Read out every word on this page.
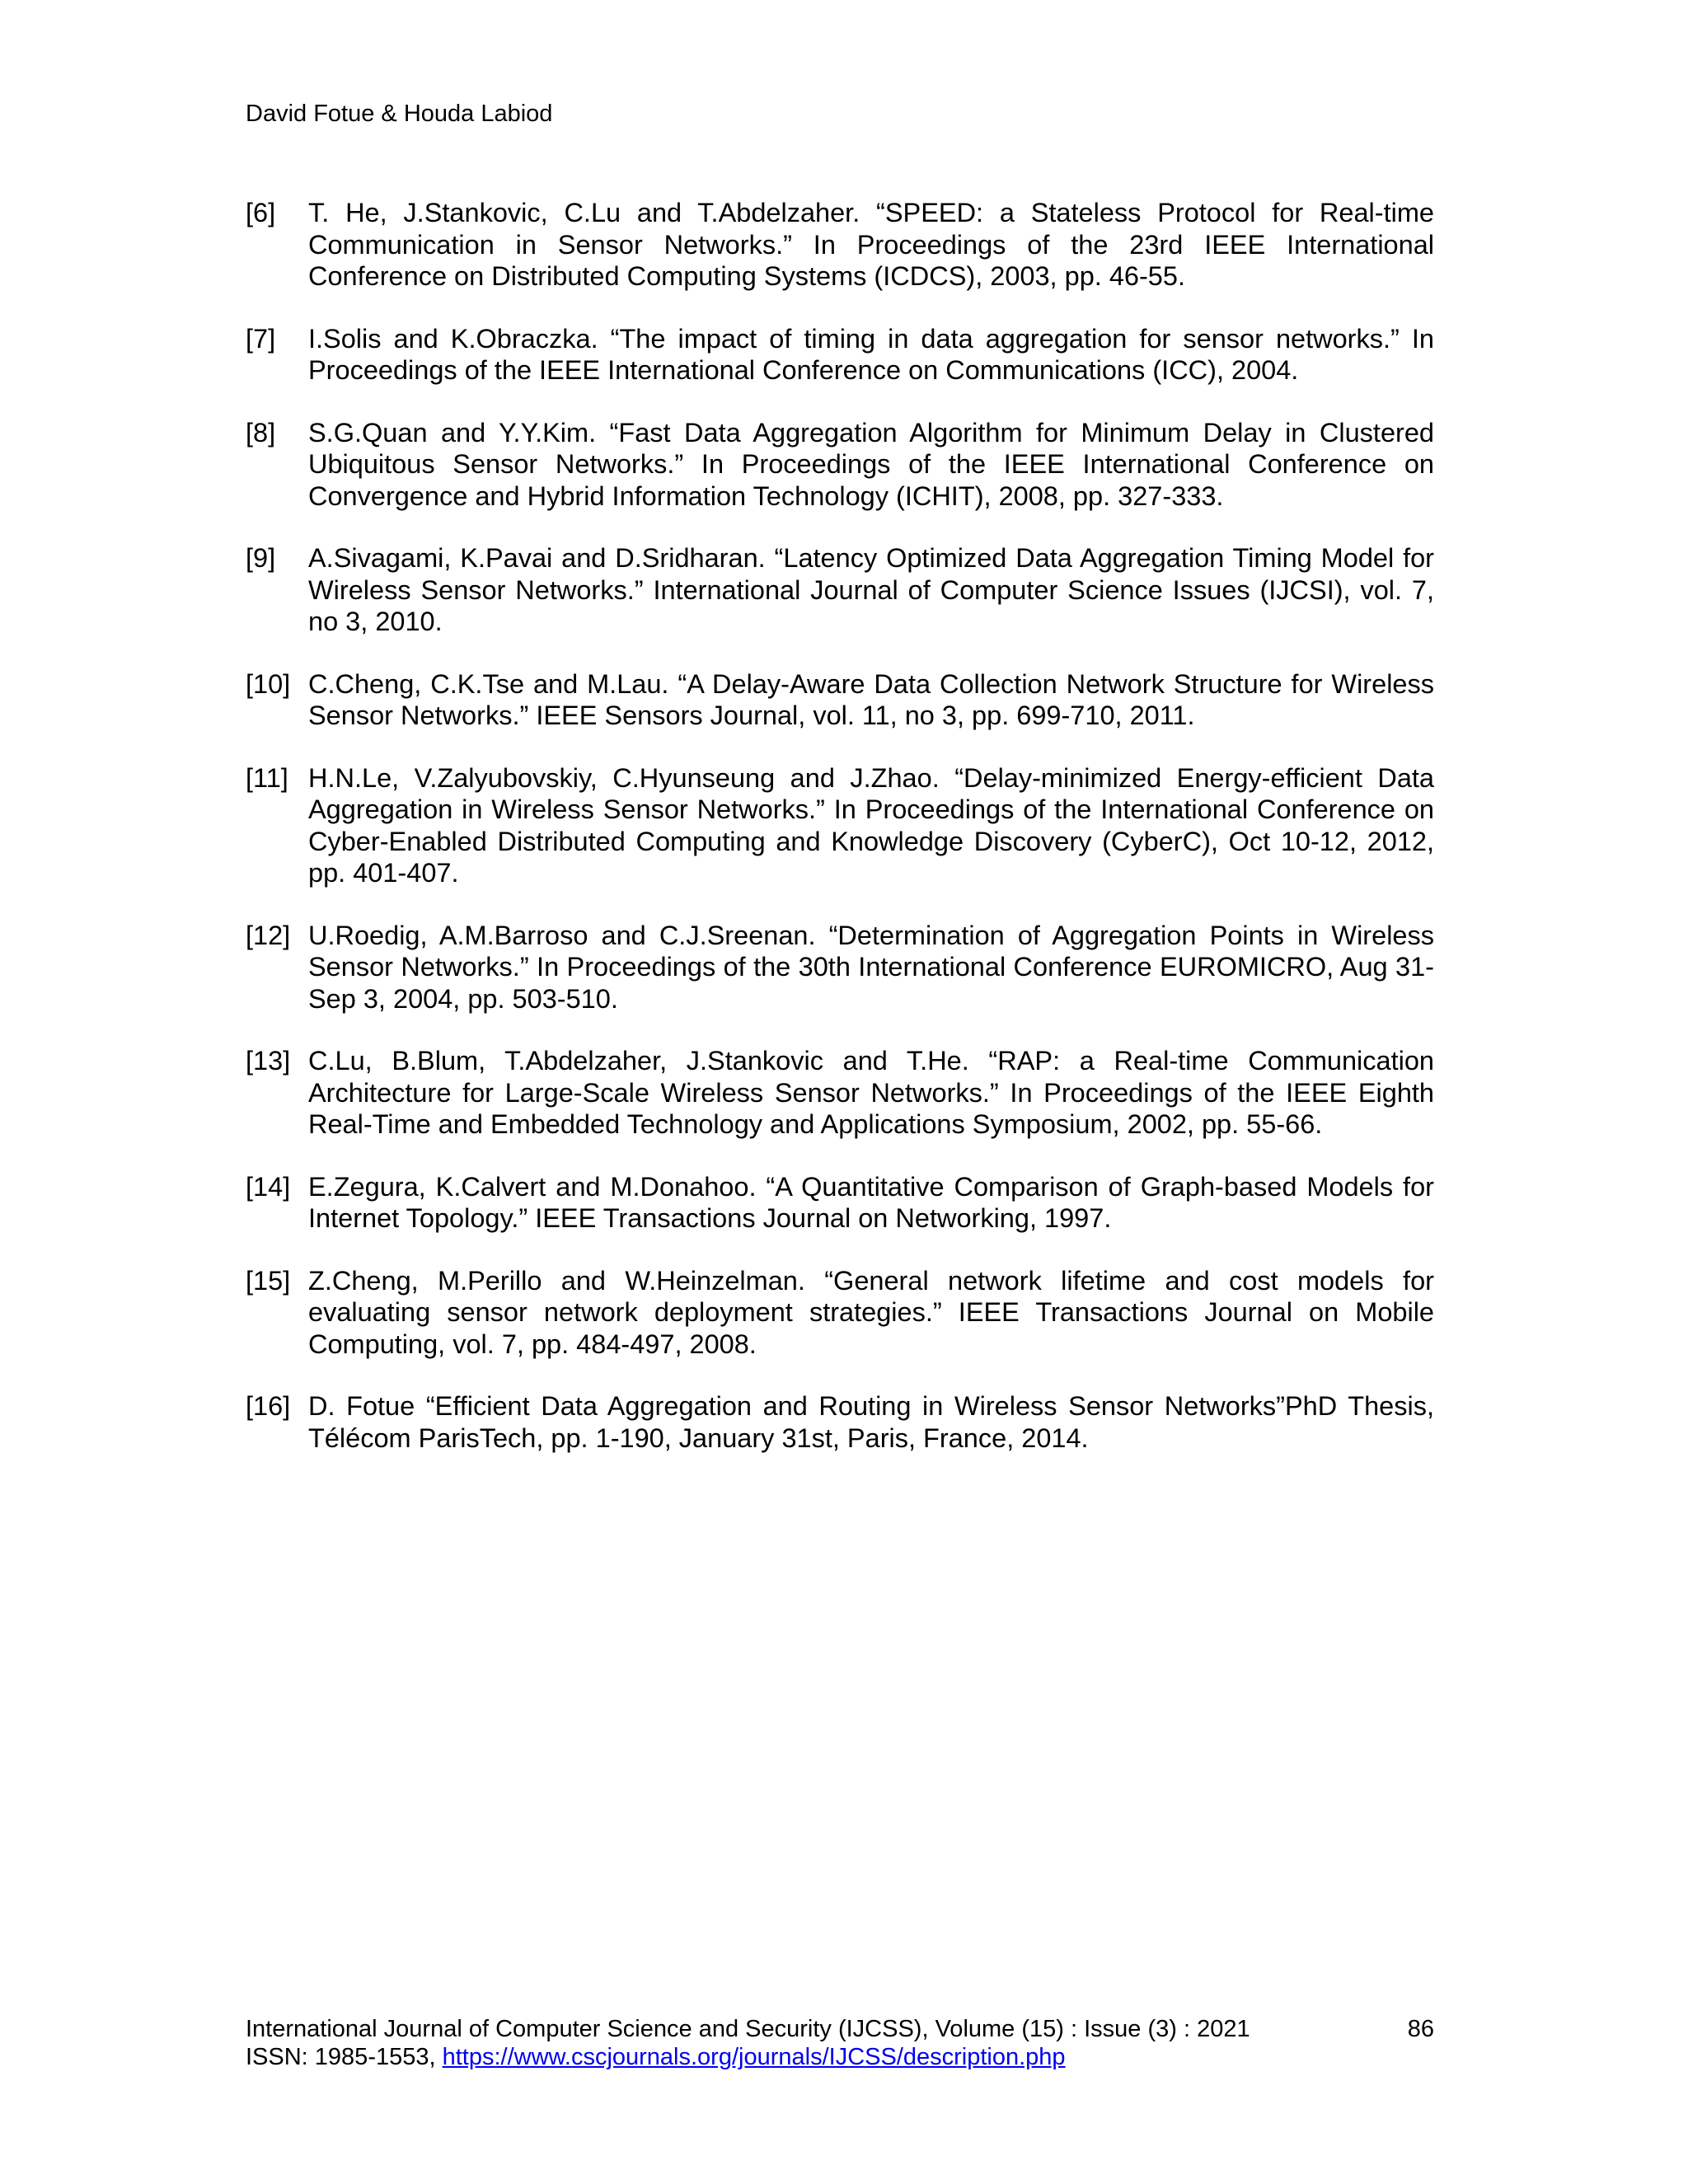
David Fotue & Houda Labiod
[6]	T. He, J.Stankovic, C.Lu and T.Abdelzaher. “SPEED: a Stateless Protocol for Real-time Communication in Sensor Networks.” In Proceedings of the 23rd IEEE International Conference on Distributed Computing Systems (ICDCS), 2003, pp. 46-55.
[7]	I.Solis and K.Obraczka. “The impact of timing in data aggregation for sensor networks.” In Proceedings of the IEEE International Conference on Communications (ICC), 2004.
[8]	S.G.Quan and Y.Y.Kim. “Fast Data Aggregation Algorithm for Minimum Delay in Clustered Ubiquitous Sensor Networks.” In Proceedings of the IEEE International Conference on Convergence and Hybrid Information Technology (ICHIT), 2008, pp. 327-333.
[9]	A.Sivagami, K.Pavai and D.Sridharan. “Latency Optimized Data Aggregation Timing Model for Wireless Sensor Networks.” International Journal of Computer Science Issues (IJCSI), vol. 7, no 3, 2010.
[10] C.Cheng, C.K.Tse and M.Lau. “A Delay-Aware Data Collection Network Structure for Wireless Sensor Networks.” IEEE Sensors Journal, vol. 11, no 3, pp. 699-710, 2011.
[11] H.N.Le, V.Zalyubovskiy, C.Hyunseung and J.Zhao. “Delay-minimized Energy-efficient Data Aggregation in Wireless Sensor Networks.” In Proceedings of the International Conference on Cyber-Enabled Distributed Computing and Knowledge Discovery (CyberC), Oct 10-12, 2012, pp. 401-407.
[12] U.Roedig, A.M.Barroso and C.J.Sreenan. “Determination of Aggregation Points in Wireless Sensor Networks.” In Proceedings of the 30th International Conference EUROMICRO, Aug 31- Sep 3, 2004, pp. 503-510.
[13] C.Lu, B.Blum, T.Abdelzaher, J.Stankovic and T.He. “RAP: a Real-time Communication Architecture for Large-Scale Wireless Sensor Networks.” In Proceedings of the IEEE Eighth Real-Time and Embedded Technology and Applications Symposium, 2002, pp. 55-66.
[14] E.Zegura, K.Calvert and M.Donahoo. “A Quantitative Comparison of Graph-based Models for Internet Topology.” IEEE Transactions Journal on Networking, 1997.
[15] Z.Cheng, M.Perillo and W.Heinzelman. “General network lifetime and cost models for evaluating sensor network deployment strategies.” IEEE Transactions Journal on Mobile Computing, vol. 7, pp. 484-497, 2008.
[16] D. Fotue “Efficient Data Aggregation and Routing in Wireless Sensor Networks”PhD Thesis, Télécom ParisTech, pp. 1-190, January 31st, Paris, France, 2014.
International Journal of Computer Science and Security (IJCSS), Volume (15) : Issue (3) : 2021	86
ISSN: 1985-1553, https://www.cscjournals.org/journals/IJCSS/description.php
